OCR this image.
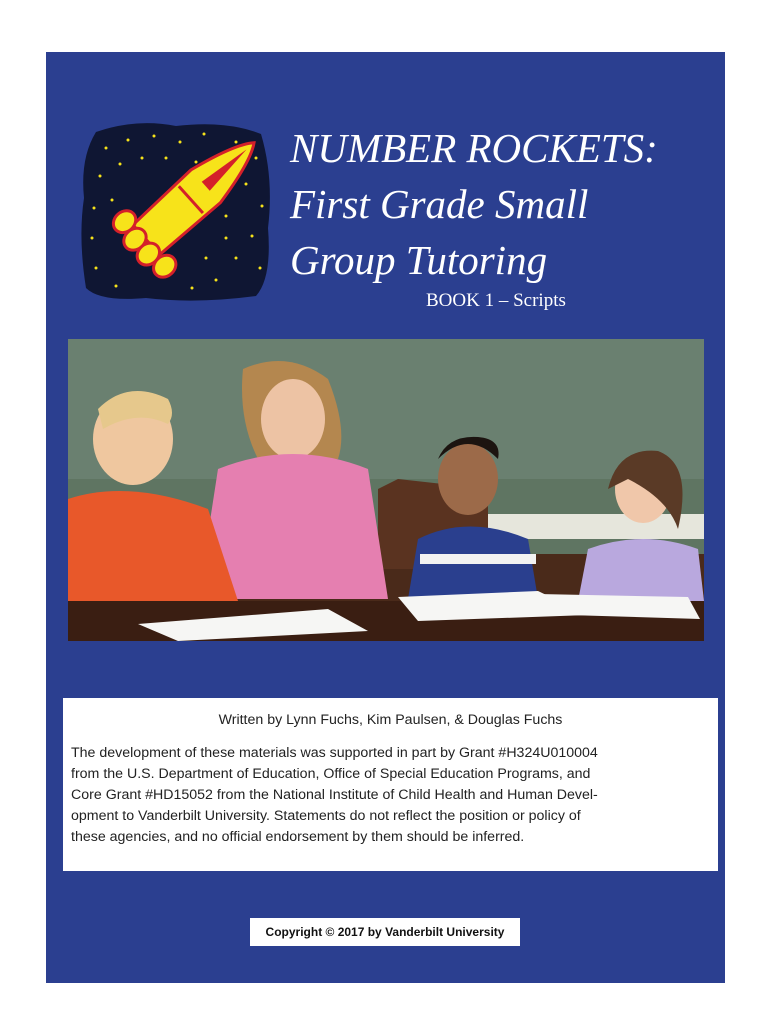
NUMBER ROCKETS:
First Grade Small
Group Tutoring
BOOK 1 – Scripts
Written by Lynn Fuchs, Kim Paulsen, & Douglas Fuchs
The development of these materials was supported in part by Grant #H324U010004
from the U.S. Department of Education, Office of Special Education Programs, and
Core Grant #HD15052 from the National Institute of Child Health and Human Devel-
opment to Vanderbilt University. Statements do not reflect the position or policy of
these agencies, and no official endorsement by them should be inferred.
Copyright © 2017 by Vanderbilt University
